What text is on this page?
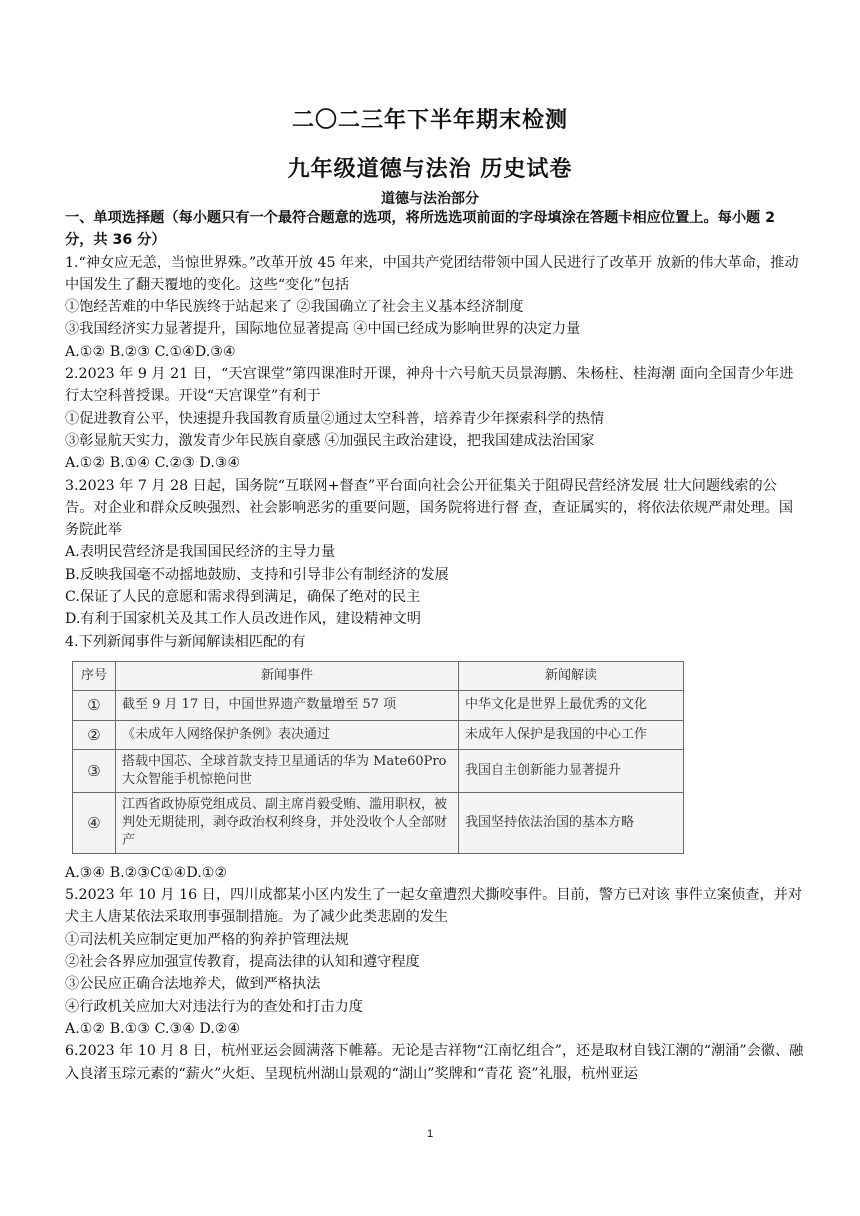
二〇二三年下半年期末检测
九年级道德与法治 历史试卷
道德与法治部分

一、单项选择题（每小题只有一个最符合题意的选项，将所选选项前面的字母填涂在答题卡相应位置上。每小题 2 分，共 36 分）

1.“神女应无恙，当惊世界殊。”改革开放 45 年来，中国共产党团结带领中国人民进行了改革开 放新的伟大革命，推动中国发生了翻天覆地的变化。这些“变化”包括

①饱经苦难的中华民族终于站起来了 ②我国确立了社会主义基本经济制度

③我国经济实力显著提升，国际地位显著提高 ④中国已经成为影响世界的决定力量

A.①② B.②③ C.①④D.③④

2.2023 年 9 月 21 日，“天宫课堂”第四课准时开课，神舟十六号航天员景海鹏、朱杨柱、桂海潮 面向全国青少年进行太空科普授课。开设“天宫课堂”有利于

①促进教育公平，快速提升我国教育质量②通过太空科普，培养青少年探索科学的热情

③彰显航天实力，激发青少年民族自豪感 ④加强民主政治建设，把我国建成法治国家

A.①② B.①④ C.②③ D.③④

3.2023 年 7 月 28 日起，国务院“互联网+督查”平台面向社会公开征集关于阻碍民营经济发展 壮大问题线索的公告。对企业和群众反映强烈、社会影响恶劣的重要问题，国务院将进行督 查，查证属实的，将依法依规严肃处理。国务院此举

A.表明民营经济是我国国民经济的主导力量

B.反映我国毫不动摇地鼓励、支持和引导非公有制经济的发展

C.保证了人民的意愿和需求得到满足，确保了绝对的民主

D.有利于国家机关及其工作人员改进作风，建设精神文明

4.下列新闻事件与新闻解读相匹配的有

序号	新闻事件	新闻解读
①	截至 9 月 17 日，中国世界遗产数量增至 57 项	中华文化是世界上最优秀的文化
②	《未成年人网络保护条例》表决通过	未成年人保护是我国的中心工作
③	搭载中国芯、全球首款支持卫星通话的华为 Mate60Pro 大众智能手机惊艳问世	我国自主创新能力显著提升
④	江西省政协原党组成员、副主席肖毅受贿、滥用职权，被判处无期徒刑，剥夺政治权利终身，并处没收个人全部财产	我国坚持依法治国的基本方略

A.③④ B.②③C①④D.①②

5.2023 年 10 月 16 日，四川成都某小区内发生了一起女童遭烈犬撕咬事件。目前，警方已对该 事件立案侦查，并对犬主人唐某依法采取刑事强制措施。为了减少此类悲剧的发生

①司法机关应制定更加严格的狗养护管理法规

②社会各界应加强宣传教育，提高法律的认知和遵守程度

③公民应正确合法地养犬，做到严格执法

④行政机关应加大对违法行为的查处和打击力度

A.①② B.①③ C.③④ D.②④

6.2023 年 10 月 8 日，杭州亚运会圆满落下帷幕。无论是吉祥物“江南忆组合”，还是取材自钱江潮的“潮涌”会徽、融入良渚玉琮元素的“薪火”火炬、呈现杭州湖山景观的“湖山”奖牌和“青花 瓷”礼服，杭州亚运

1
